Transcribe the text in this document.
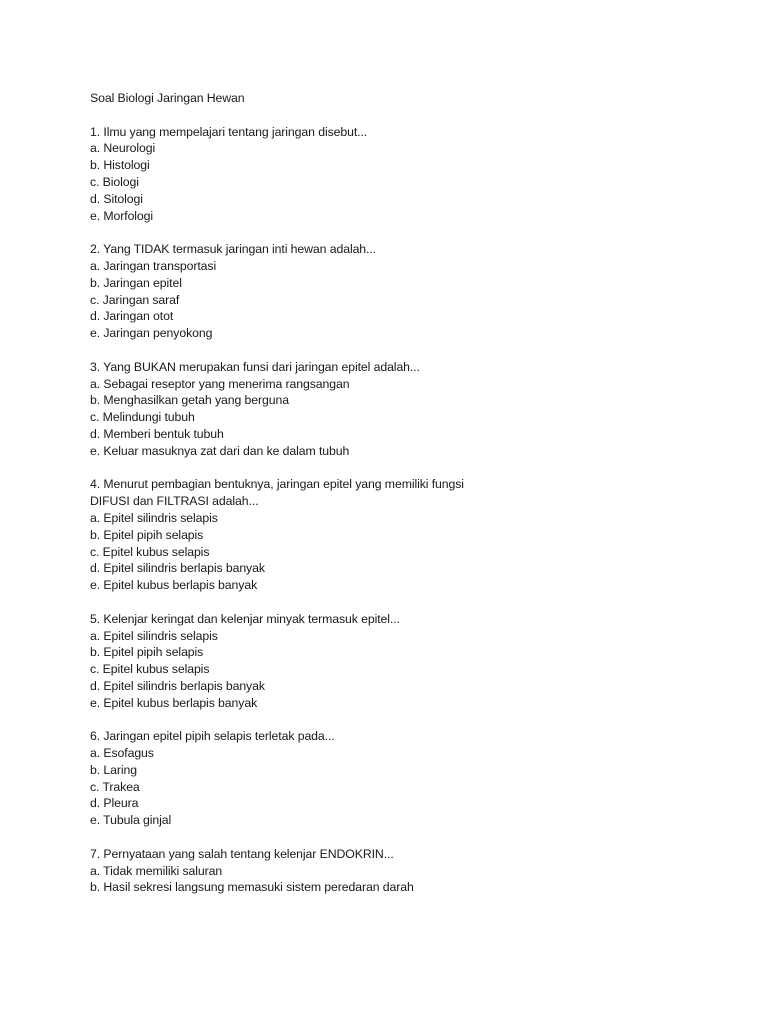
Soal Biologi Jaringan Hewan
1. Ilmu yang mempelajari tentang jaringan disebut...
a. Neurologi
b. Histologi
c. Biologi
d. Sitologi
e. Morfologi
2. Yang TIDAK termasuk jaringan inti hewan adalah...
a. Jaringan transportasi
b. Jaringan epitel
c. Jaringan saraf
d. Jaringan otot
e. Jaringan penyokong
3. Yang BUKAN merupakan funsi dari jaringan epitel adalah...
a. Sebagai reseptor yang menerima rangsangan
b. Menghasilkan getah yang berguna
c. Melindungi tubuh
d. Memberi bentuk tubuh
e. Keluar masuknya zat dari dan ke dalam tubuh
4. Menurut pembagian bentuknya, jaringan epitel yang memiliki fungsi DIFUSI dan FILTRASI adalah...
a. Epitel silindris selapis
b. Epitel pipih selapis
c. Epitel kubus selapis
d. Epitel silindris berlapis banyak
e. Epitel kubus berlapis banyak
5. Kelenjar keringat dan kelenjar minyak termasuk epitel...
a. Epitel silindris selapis
b. Epitel pipih selapis
c. Epitel kubus selapis
d. Epitel silindris berlapis banyak
e. Epitel kubus berlapis banyak
6. Jaringan epitel pipih selapis terletak pada...
a. Esofagus
b. Laring
c. Trakea
d. Pleura
e. Tubula ginjal
7. Pernyataan yang salah tentang kelenjar ENDOKRIN...
a. Tidak memiliki saluran
b. Hasil sekresi langsung memasuki sistem peredaran darah
